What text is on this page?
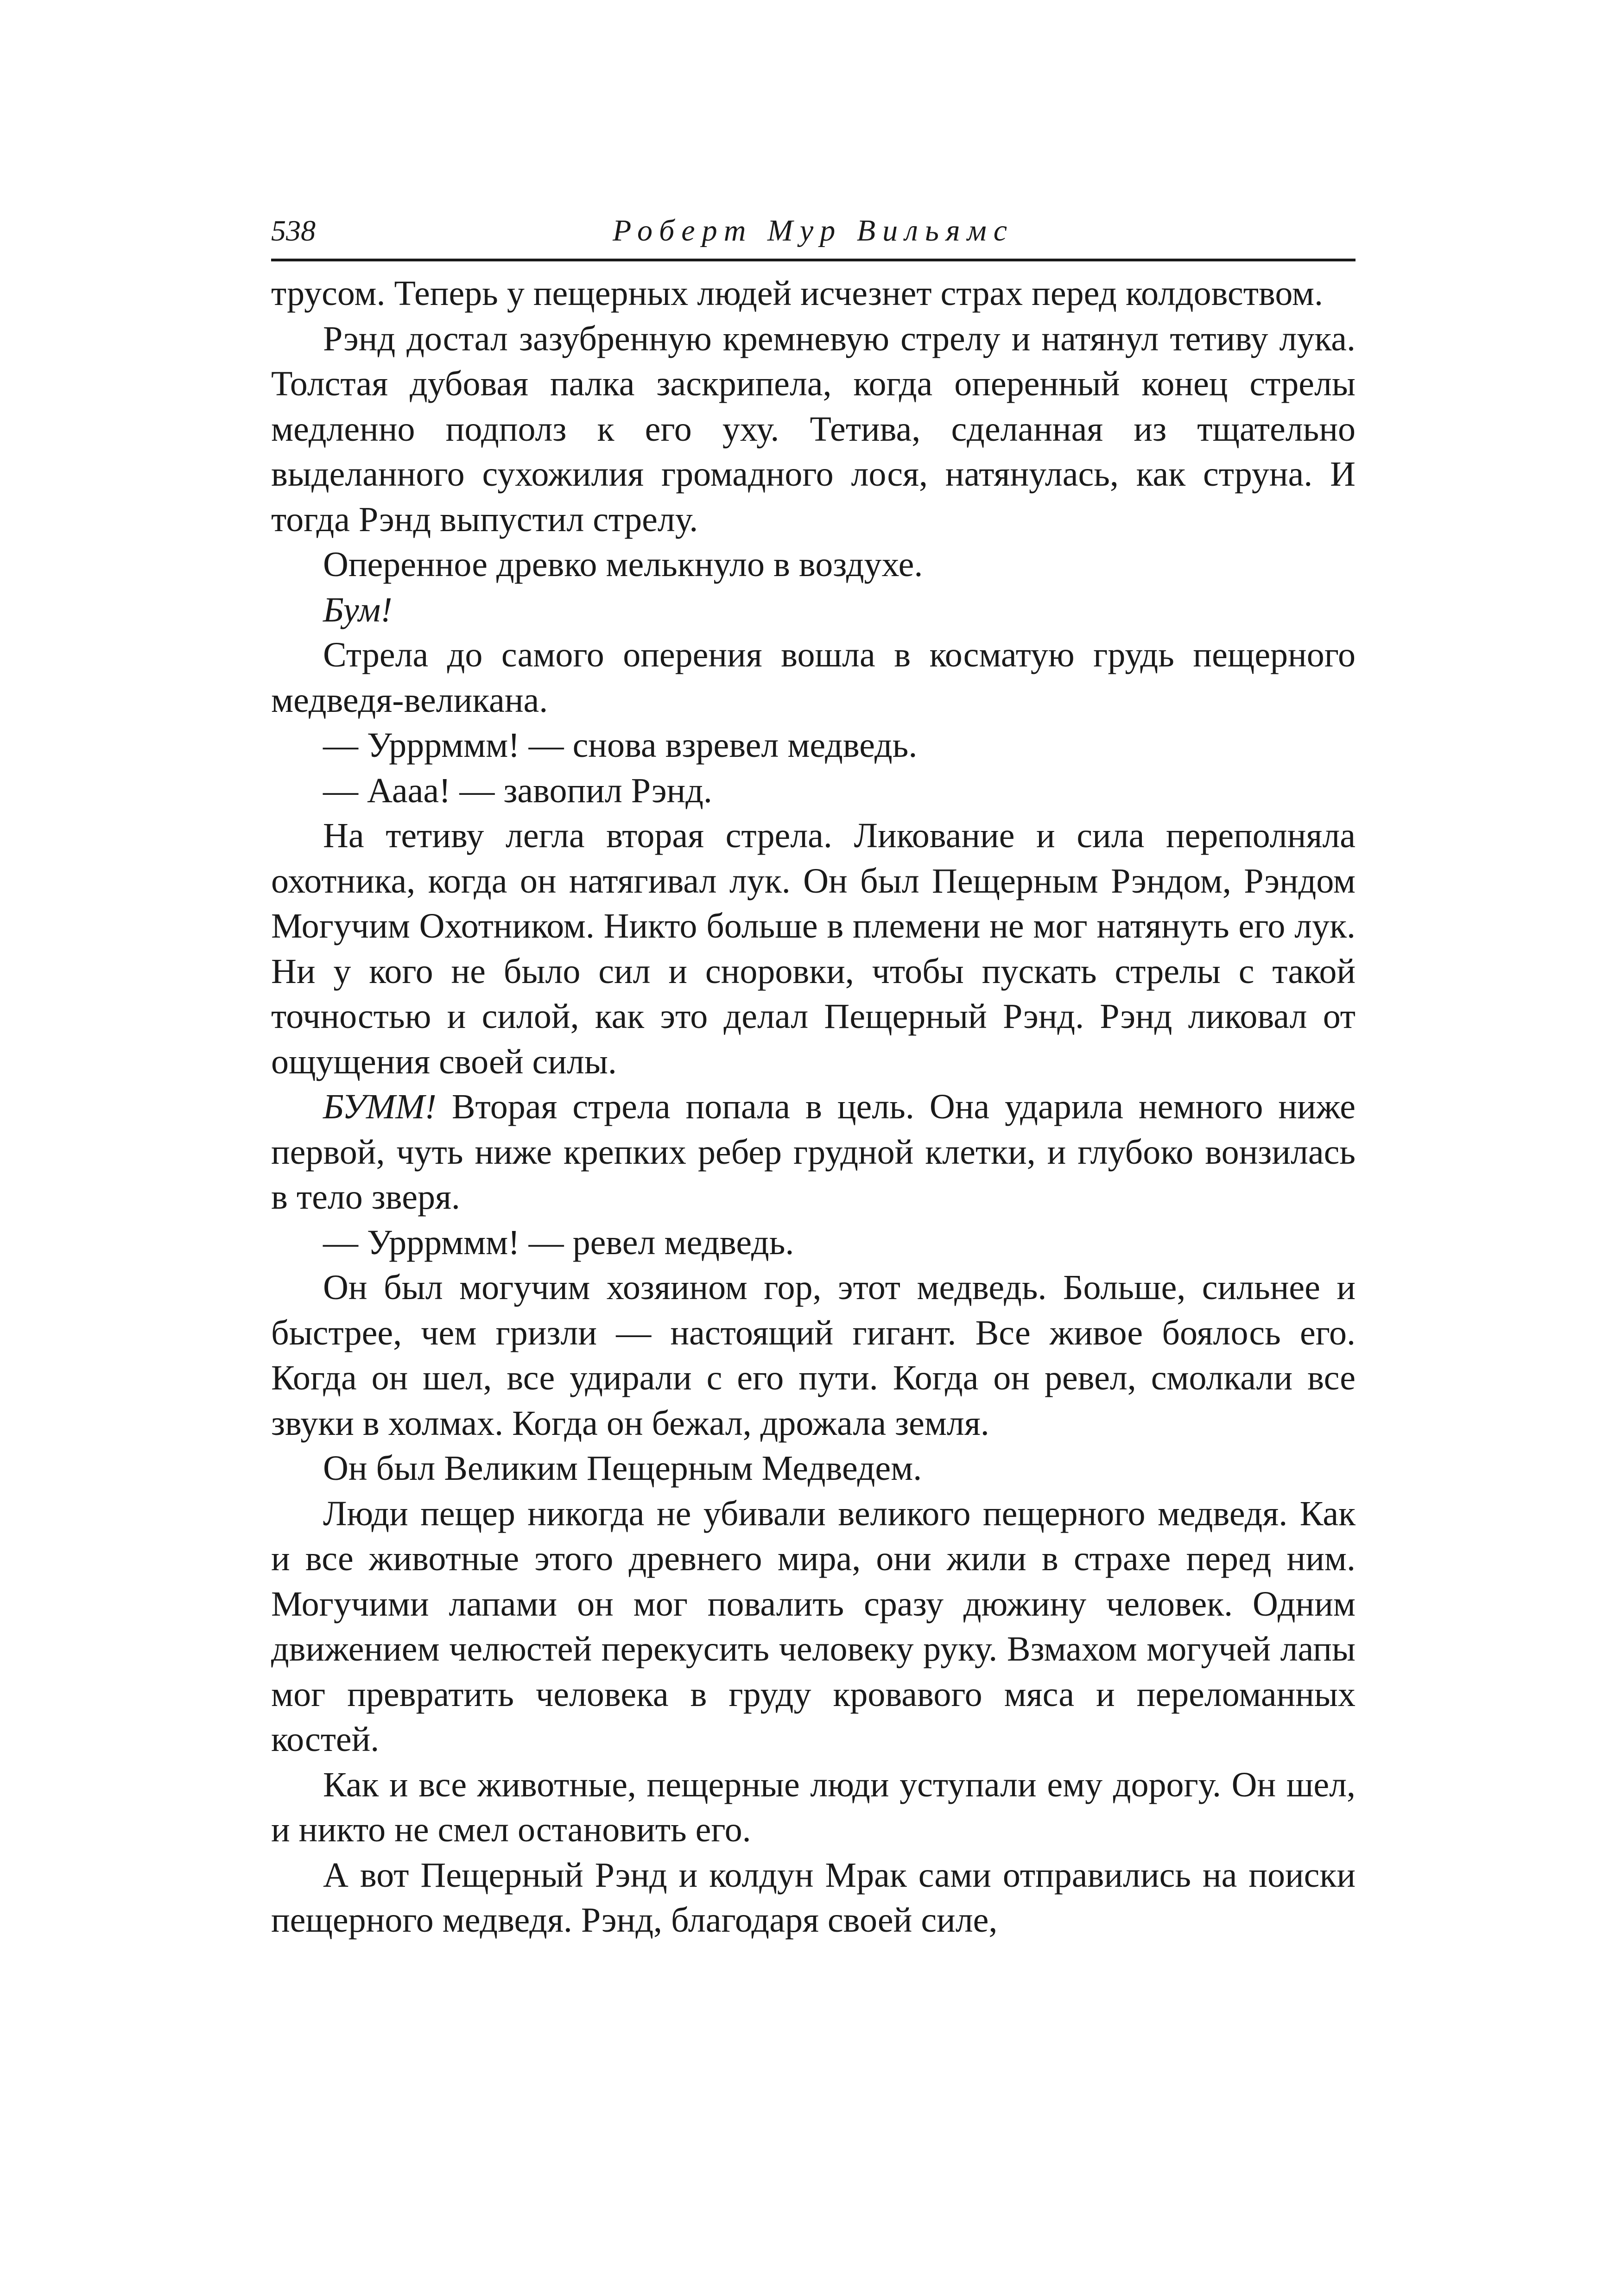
538	Роберт Мур Вильямс

трусом. Теперь у пещерных людей исчезнет страх перед колдовством.

Рэнд достал зазубренную кремневую стрелу и натянул тетиву лука. Толстая дубовая палка заскрипела, когда оперенный конец стрелы медленно подполз к его уху. Тетива, сделанная из тщательно выделанного сухожилия громадного лося, натянулась, как струна. И тогда Рэнд выпустил стрелу.

Оперенное древко мелькнуло в воздухе.

Бум!

Стрела до самого оперения вошла в косматую грудь пещерного медведя-великана.

— Урррммм! — снова взревел медведь.

— Аааа! — завопил Рэнд.

На тетиву легла вторая стрела. Ликование и сила переполняла охотника, когда он натягивал лук. Он был Пещерным Рэндом, Рэндом Могучим Охотником. Никто больше в племени не мог натянуть его лук. Ни у кого не было сил и сноровки, чтобы пускать стрелы с такой точностью и силой, как это делал Пещерный Рэнд. Рэнд ликовал от ощущения своей силы.

БУММ! Вторая стрела попала в цель. Она ударила немного ниже первой, чуть ниже крепких ребер грудной клетки, и глубоко вонзилась в тело зверя.

— Урррммм! — ревел медведь.

Он был могучим хозяином гор, этот медведь. Больше, сильнее и быстрее, чем гризли — настоящий гигант. Все живое боялось его. Когда он шел, все удирали с его пути. Когда он ревел, смолкали все звуки в холмах. Когда он бежал, дрожала земля.

Он был Великим Пещерным Медведем.

Люди пещер никогда не убивали великого пещерного медведя. Как и все животные этого древнего мира, они жили в страхе перед ним. Могучими лапами он мог повалить сразу дюжину человек. Одним движением челюстей перекусить человеку руку. Взмахом могучей лапы мог превратить человека в груду кровавого мяса и переломанных костей.

Как и все животные, пещерные люди уступали ему дорогу. Он шел, и никто не смел остановить его.

А вот Пещерный Рэнд и колдун Мрак сами отправились на поиски пещерного медведя. Рэнд, благодаря своей силе,
